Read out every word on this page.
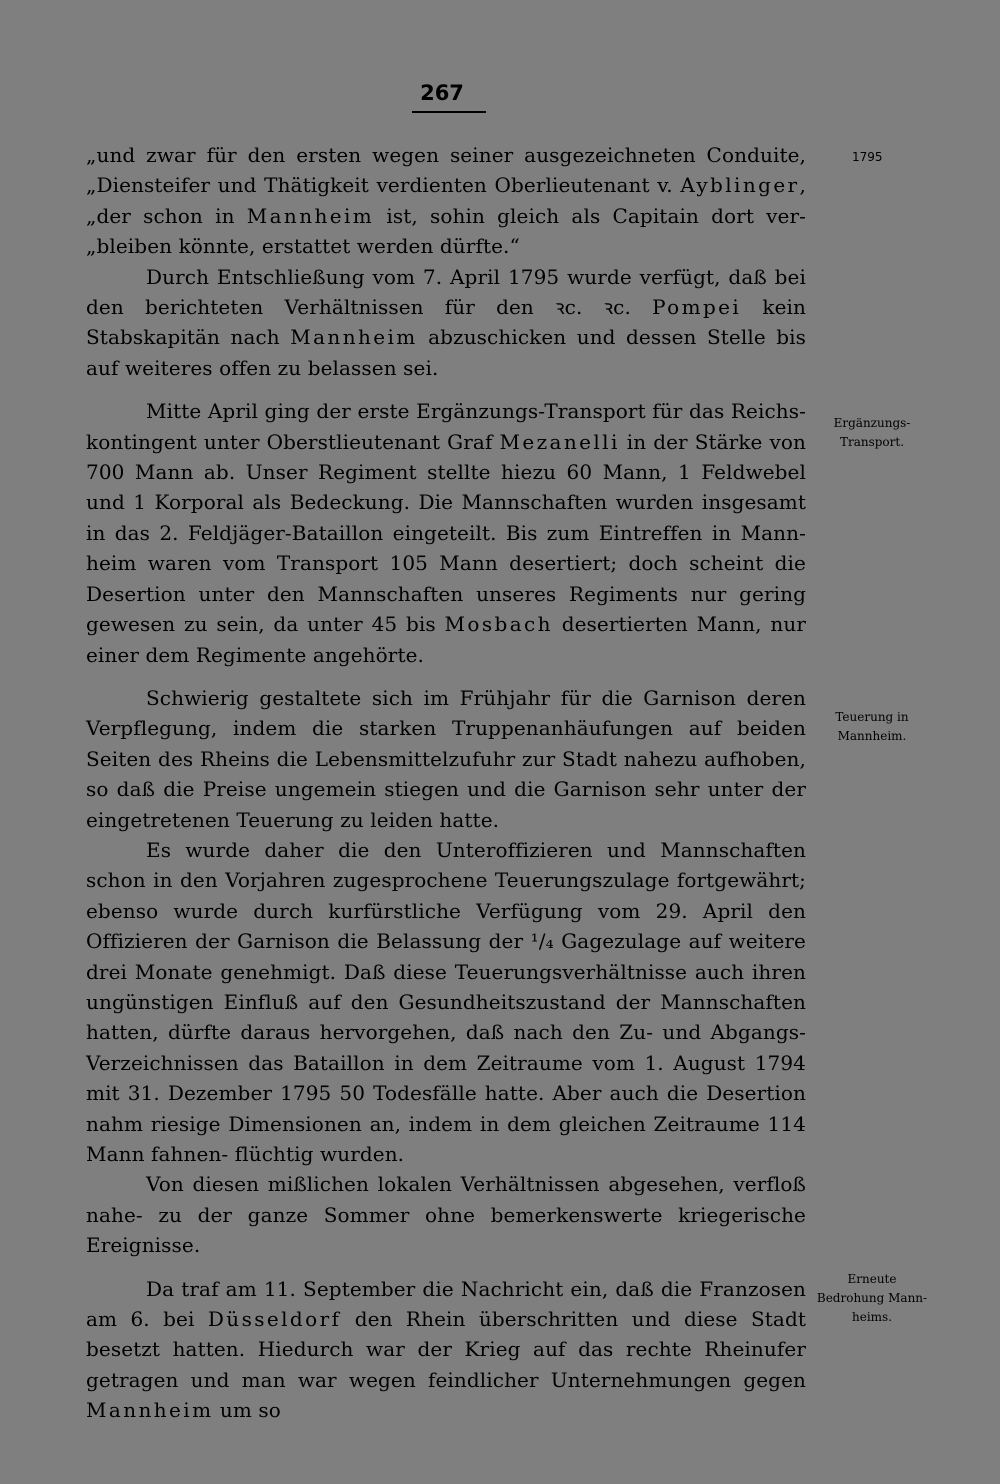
267
1795
Ergänzungs-
Transport.
Teuerung in
Mannheim.
Erneute
Bedrohung Mann-
heims.

„und zwar für den ersten wegen seiner ausgezeichneten Conduite, „Diensteifer und Thätigkeit verdienten Oberlieutenant v. Ayblinger, „der schon in Mannheim ist, sohin gleich als Capitain dort ver- „bleiben könnte, erstattet werden dürfte.“

Durch Entschließung vom 7. April 1795 wurde verfügt, daß bei den berichteten Verhältnissen für den ꝛc. ꝛc. Pompei kein Stabskapitän nach Mannheim abzuschicken und dessen Stelle bis auf weiteres offen zu belassen sei.

Mitte April ging der erste Ergänzungs-Transport für das Reichs- kontingent unter Oberstlieutenant Graf Mezanelli in der Stärke von 700 Mann ab. Unser Regiment stellte hiezu 60 Mann, 1 Feldwebel und 1 Korporal als Bedeckung. Die Mannschaften wurden insgesamt in das 2. Feldjäger-Bataillon eingeteilt. Bis zum Eintreffen in Mann- heim waren vom Transport 105 Mann desertiert; doch scheint die Desertion unter den Mannschaften unseres Regiments nur gering gewesen zu sein, da unter 45 bis Mosbach desertierten Mann, nur einer dem Regimente angehörte.

Schwierig gestaltete sich im Frühjahr für die Garnison deren Verpflegung, indem die starken Truppenanhäufungen auf beiden Seiten des Rheins die Lebensmittelzufuhr zur Stadt nahezu aufhoben, so daß die Preise ungemein stiegen und die Garnison sehr unter der eingetretenen Teuerung zu leiden hatte.

Es wurde daher die den Unteroffizieren und Mannschaften schon in den Vorjahren zugesprochene Teuerungszulage fortgewährt; ebenso wurde durch kurfürstliche Verfügung vom 29. April den Offizieren der Garnison die Belassung der ¹/₄ Gagezulage auf weitere drei Monate genehmigt. Daß diese Teuerungsverhältnisse auch ihren ungünstigen Einfluß auf den Gesundheitszustand der Mannschaften hatten, dürfte daraus hervorgehen, daß nach den Zu- und Abgangs-Verzeichnissen das Bataillon in dem Zeitraume vom 1. August 1794 mit 31. Dezember 1795 50 Todesfälle hatte. Aber auch die Desertion nahm riesige Dimensionen an, indem in dem gleichen Zeitraume 114 Mann fahnen- flüchtig wurden.

Von diesen mißlichen lokalen Verhältnissen abgesehen, verfloß nahe- zu der ganze Sommer ohne bemerkenswerte kriegerische Ereignisse.

Da traf am 11. September die Nachricht ein, daß die Franzosen am 6. bei Düsseldorf den Rhein überschritten und diese Stadt besetzt hatten. Hiedurch war der Krieg auf das rechte Rheinufer getragen und man war wegen feindlicher Unternehmungen gegen Mannheim um so
